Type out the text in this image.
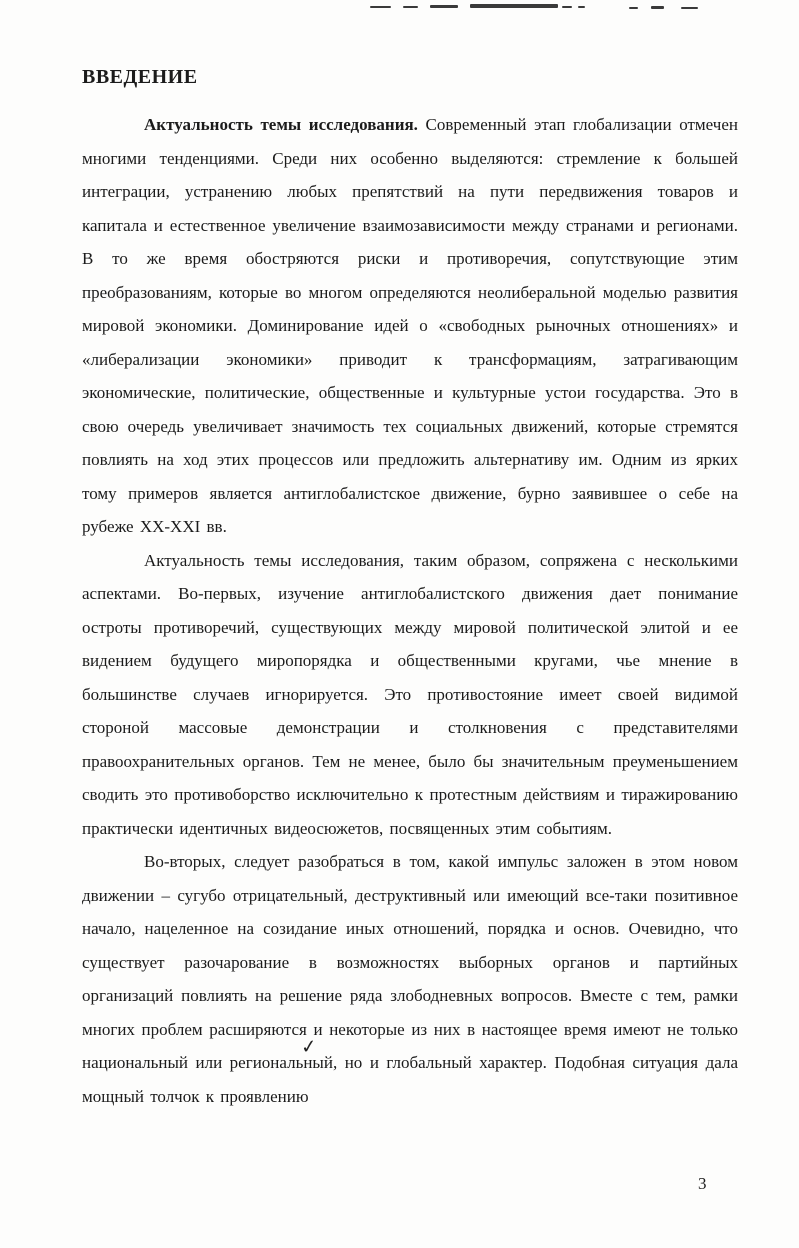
ВВЕДЕНИЕ

Актуальность темы исследования. Современный этап глобализации отмечен многими тенденциями. Среди них особенно выделяются: стремление к большей интеграции, устранению любых препятствий на пути передвижения товаров и капитала и естественное увеличение взаимозависимости между странами и регионами. В то же время обостряются риски и противоречия, сопутствующие этим преобразованиям, которые во многом определяются неолиберальной моделью развития мировой экономики. Доминирование идей о «свободных рыночных отношениях» и «либерализации экономики» приводит к трансформациям, затрагивающим экономические, политические, общественные и культурные устои государства. Это в свою очередь увеличивает значимость тех социальных движений, которые стремятся повлиять на ход этих процессов или предложить альтернативу им. Одним из ярких тому примеров является антиглобалистское движение, бурно заявившее о себе на рубеже XX-XXI вв.

Актуальность темы исследования, таким образом, сопряжена с несколькими аспектами. Во-первых, изучение антиглобалистского движения дает понимание остроты противоречий, существующих между мировой политической элитой и ее видением будущего миропорядка и общественными кругами, чье мнение в большинстве случаев игнорируется. Это противостояние имеет своей видимой стороной массовые демонстрации и столкновения с представителями правоохранительных органов. Тем не менее, было бы значительным преуменьшением сводить это противоборство исключительно к протестным действиям и тиражированию практически идентичных видеосюжетов, посвященных этим событиям.

Во-вторых, следует разобраться в том, какой импульс заложен в этом новом движении – сугубо отрицательный, деструктивный или имеющий все-таки позитивное начало, нацеленное на созидание иных отношений, порядка и основ. Очевидно, что существует разочарование в возможностях выборных органов и партийных организаций повлиять на решение ряда злободневных вопросов. Вместе с тем, рамки многих проблем расширяются и некоторые из них в настоящее время имеют не только национальный или региональный, но и глобальный характер. Подобная ситуация дала мощный толчок к проявлению

✓
3
